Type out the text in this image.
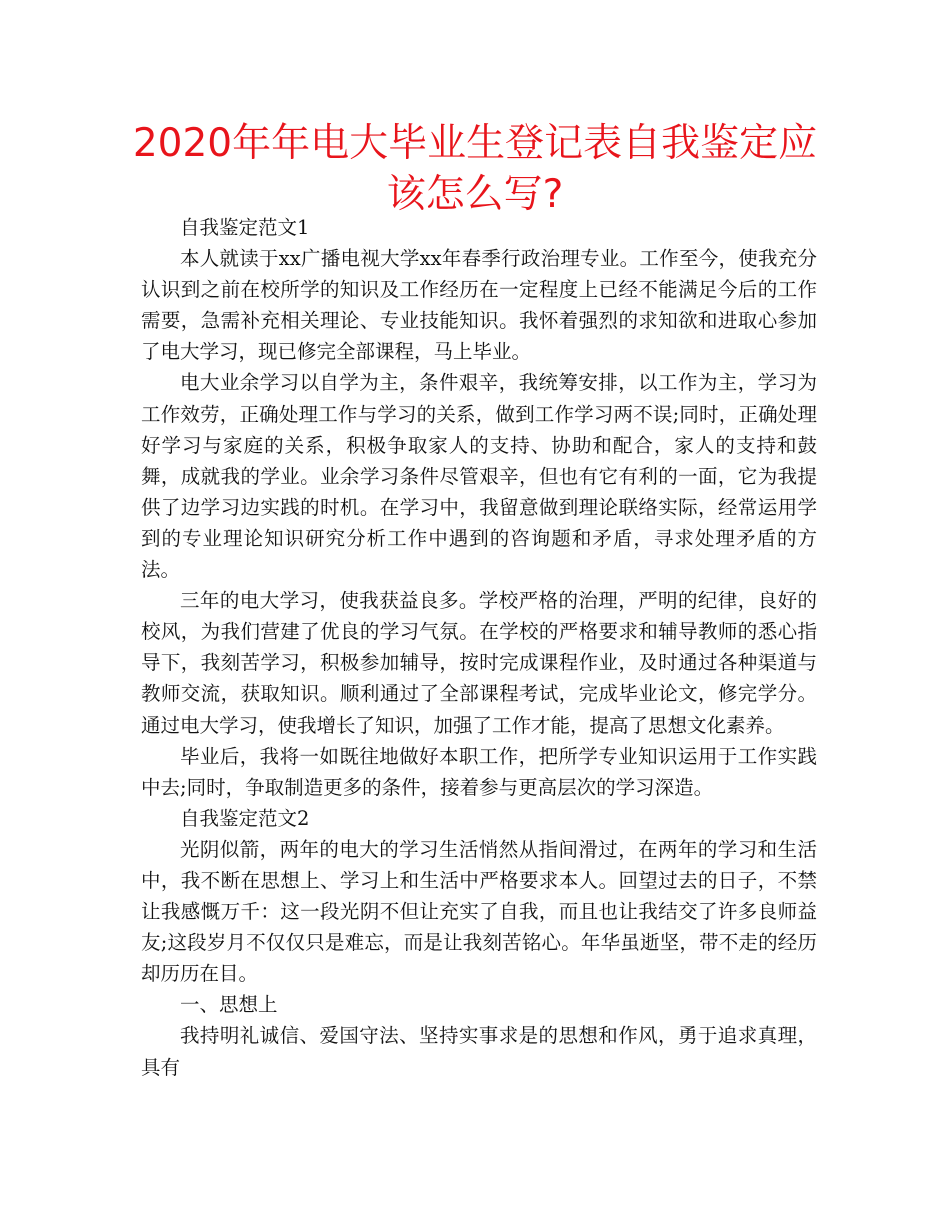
2020年年电大毕业生登记表自我鉴定应该怎么写?

自我鉴定范文1

本人就读于xx广播电视大学xx年春季行政治理专业。工作至今，使我充分认识到之前在校所学的知识及工作经历在一定程度上已经不能满足今后的工作需要，急需补充相关理论、专业技能知识。我怀着强烈的求知欲和进取心参加了电大学习，现已修完全部课程，马上毕业。

电大业余学习以自学为主，条件艰辛，我统筹安排，以工作为主，学习为工作效劳，正确处理工作与学习的关系，做到工作学习两不误;同时，正确处理好学习与家庭的关系，积极争取家人的支持、协助和配合，家人的支持和鼓舞，成就我的学业。业余学习条件尽管艰辛，但也有它有利的一面，它为我提供了边学习边实践的时机。在学习中，我留意做到理论联络实际，经常运用学到的专业理论知识研究分析工作中遇到的咨询题和矛盾，寻求处理矛盾的方法。

三年的电大学习，使我获益良多。学校严格的治理，严明的纪律，良好的校风，为我们营建了优良的学习气氛。在学校的严格要求和辅导教师的悉心指导下，我刻苦学习，积极参加辅导，按时完成课程作业，及时通过各种渠道与教师交流，获取知识。顺利通过了全部课程考试，完成毕业论文，修完学分。通过电大学习，使我增长了知识，加强了工作才能，提高了思想文化素养。

毕业后，我将一如既往地做好本职工作，把所学专业知识运用于工作实践中去;同时，争取制造更多的条件，接着参与更高层次的学习深造。

自我鉴定范文2

光阴似箭，两年的电大的学习生活悄然从指间滑过，在两年的学习和生活中，我不断在思想上、学习上和生活中严格要求本人。回望过去的日子，不禁让我感慨万千：这一段光阴不但让充实了自我，而且也让我结交了许多良师益友;这段岁月不仅仅只是难忘，而是让我刻苦铭心。年华虽逝坚，带不走的经历却历历在目。

一、思想上

我持明礼诚信、爱国守法、坚持实事求是的思想和作风，勇于追求真理，具有
